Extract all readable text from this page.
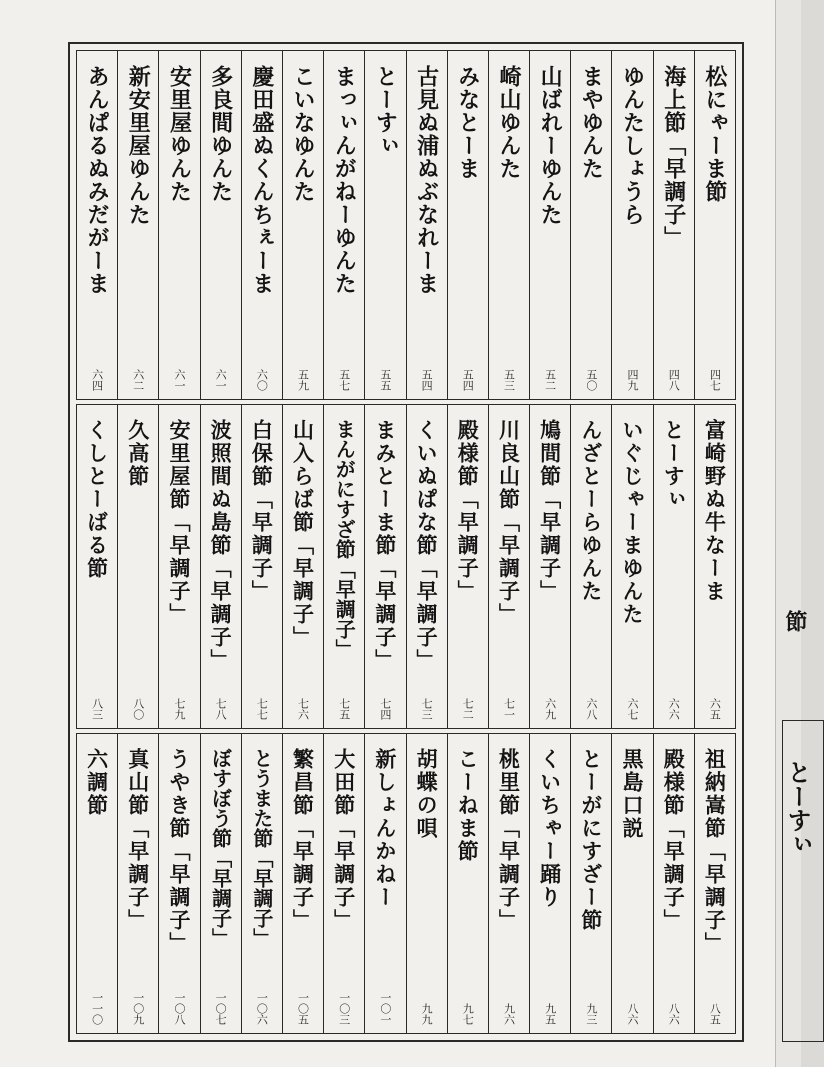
松にゃーま節
四七
海上節「早調子」
四八
ゆんたしょうら
四九
まやゆんた
五〇
山ばれーゆんた
五二
崎山ゆんた
五三
みなとーま
五四
古見ぬ浦ぬぶなれーま
五四
とーすぃ
五五
まっぃんがねーゆんた
五七
こいなゆんた
五九
慶田盛ぬくんちぇーま
六〇
多良間ゆんた
六一
安里屋ゆんた
六一
新安里屋ゆんた
六二
あんぱるぬみだがーま
六四
富崎野ぬ牛なーま
六五
とーすぃ
六六
いぐじゃーまゆんた
六七
んざとーらゆんた
六八
鳩間節「早調子」
六九
川良山節「早調子」
七一
殿様節「早調子」
七二
くいぬぱな節「早調子」
七三
まみとーま節「早調子」
七四
まんがにすざ節「早調子」
七五
山入らば節「早調子」
七六
白保節「早調子」
七七
波照間ぬ島節「早調子」
七八
安里屋節「早調子」
七九
久高節
八〇
くしとーばる節
八三
祖納嵩節「早調子」
八五
殿様節「早調子」
八六
黒島口説
八六
とーがにすざー節
九三
くいちゃー踊り
九五
桃里節「早調子」
九六
こーねま節
九七
胡蝶の唄
九九
新しょんかねー
一〇一
大田節「早調子」
一〇三
繁昌節「早調子」
一〇五
とうまた節「早調子」
一〇六
ぼすぼう節「早調子」
一〇七
うやき節「早調子」
一〇八
真山節「早調子」
一〇九
六調節
一一〇
節
とーすぃ
